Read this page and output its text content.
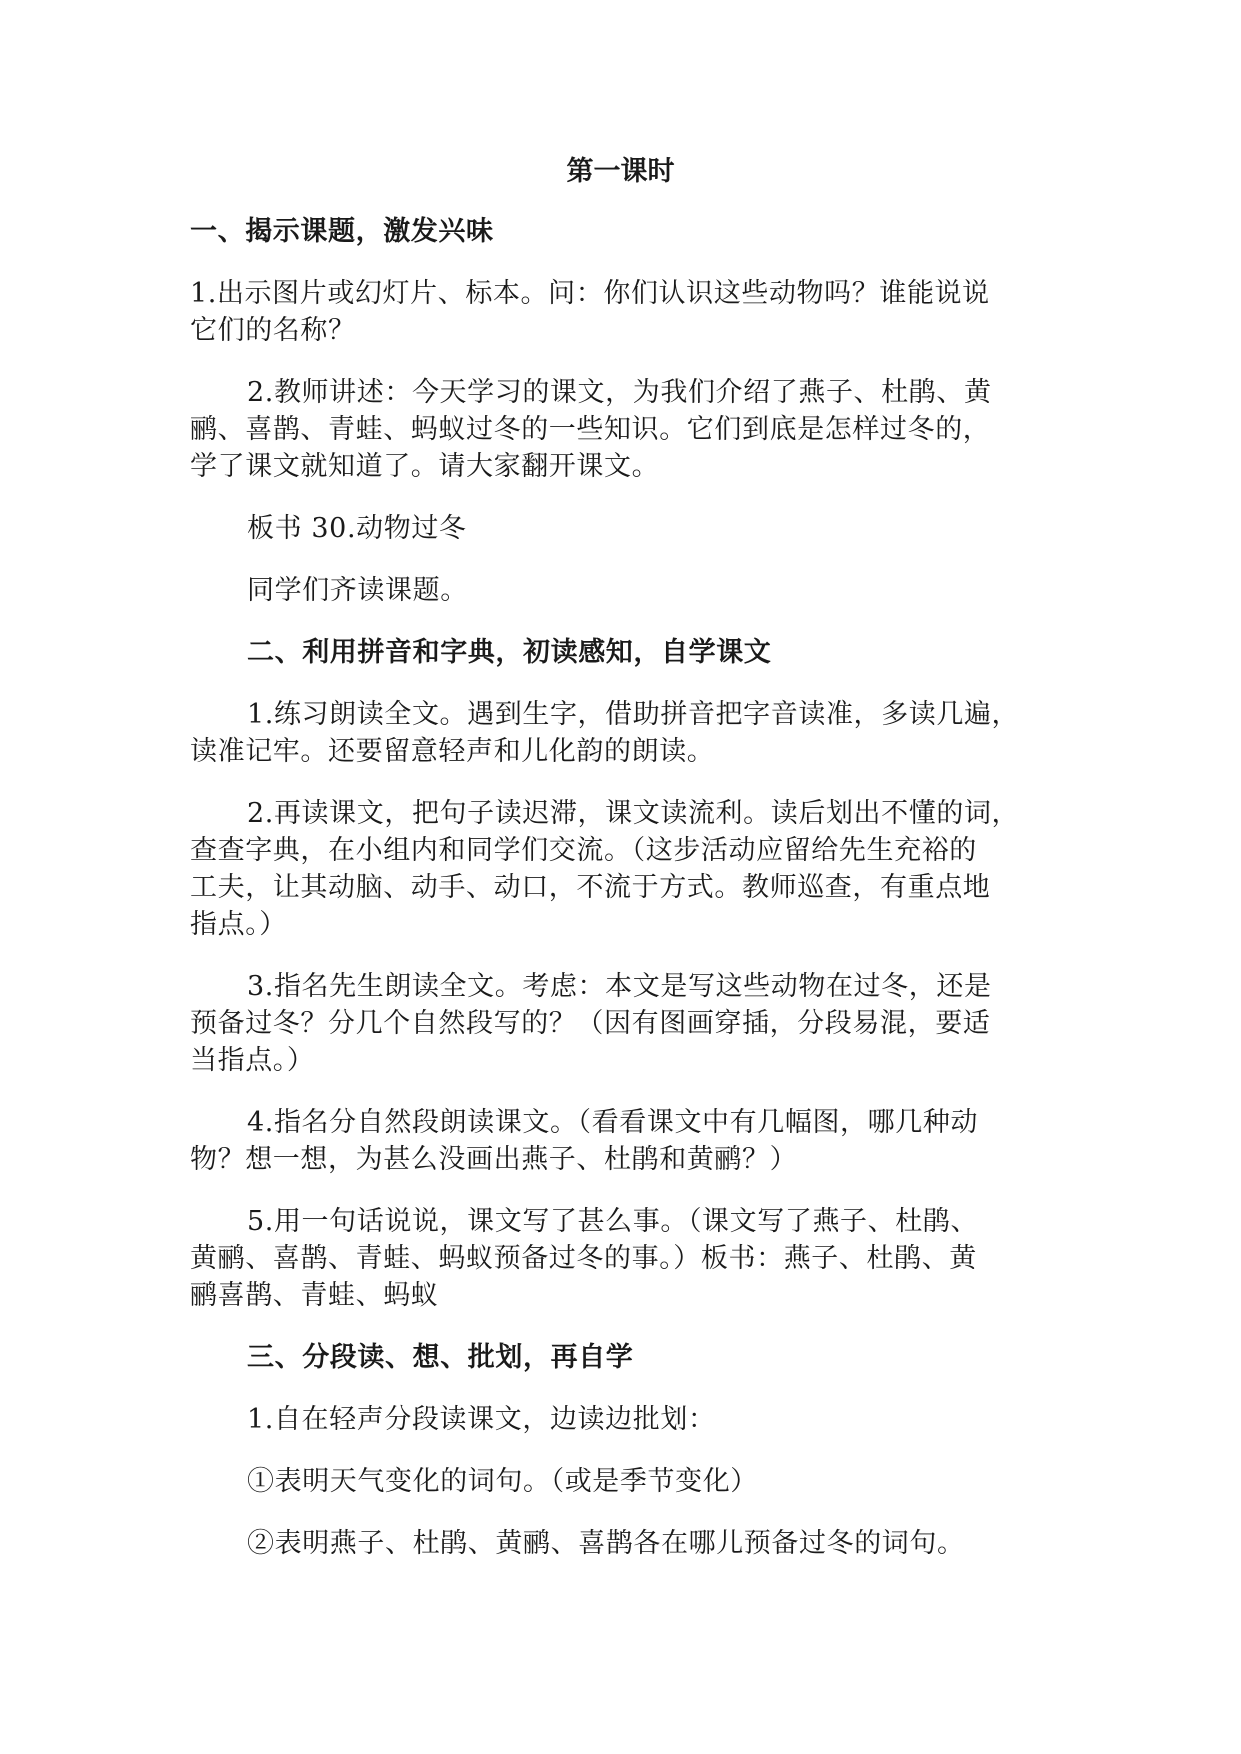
第一课时
一、揭示课题，激发兴味

1.出示图片或幻灯片、标本。问：你们认识这些动物吗？谁能说说

它们的名称？

2.教师讲述：今天学习的课文，为我们介绍了燕子、杜鹃、黄

鹂、喜鹊、青蛙、蚂蚁过冬的一些知识。它们到底是怎样过冬的，

学了课文就知道了。请大家翻开课文。

板书 30.动物过冬

同学们齐读课题。

二、利用拼音和字典，初读感知，自学课文

1.练习朗读全文。遇到生字，借助拼音把字音读准，多读几遍，

读准记牢。还要留意轻声和儿化韵的朗读。

2.再读课文，把句子读迟滞，课文读流利。读后划出不懂的词，

查查字典，在小组内和同学们交流。（这步活动应留给先生充裕的

工夫，让其动脑、动手、动口，不流于方式。教师巡查，有重点地

指点。）

3.指名先生朗读全文。考虑：本文是写这些动物在过冬，还是

预备过冬？分几个自然段写的？（因有图画穿插，分段易混，要适

当指点。）

4.指名分自然段朗读课文。（看看课文中有几幅图，哪几种动

物？想一想，为甚么没画出燕子、杜鹃和黄鹂？）

5.用一句话说说，课文写了甚么事。（课文写了燕子、杜鹃、

黄鹂、喜鹊、青蛙、蚂蚁预备过冬的事。）板书：燕子、杜鹃、黄

鹂喜鹊、青蛙、蚂蚁

三、分段读、想、批划，再自学

1.自在轻声分段读课文，边读边批划：

①表明天气变化的词句。（或是季节变化）

②表明燕子、杜鹃、黄鹂、喜鹊各在哪儿预备过冬的词句。
